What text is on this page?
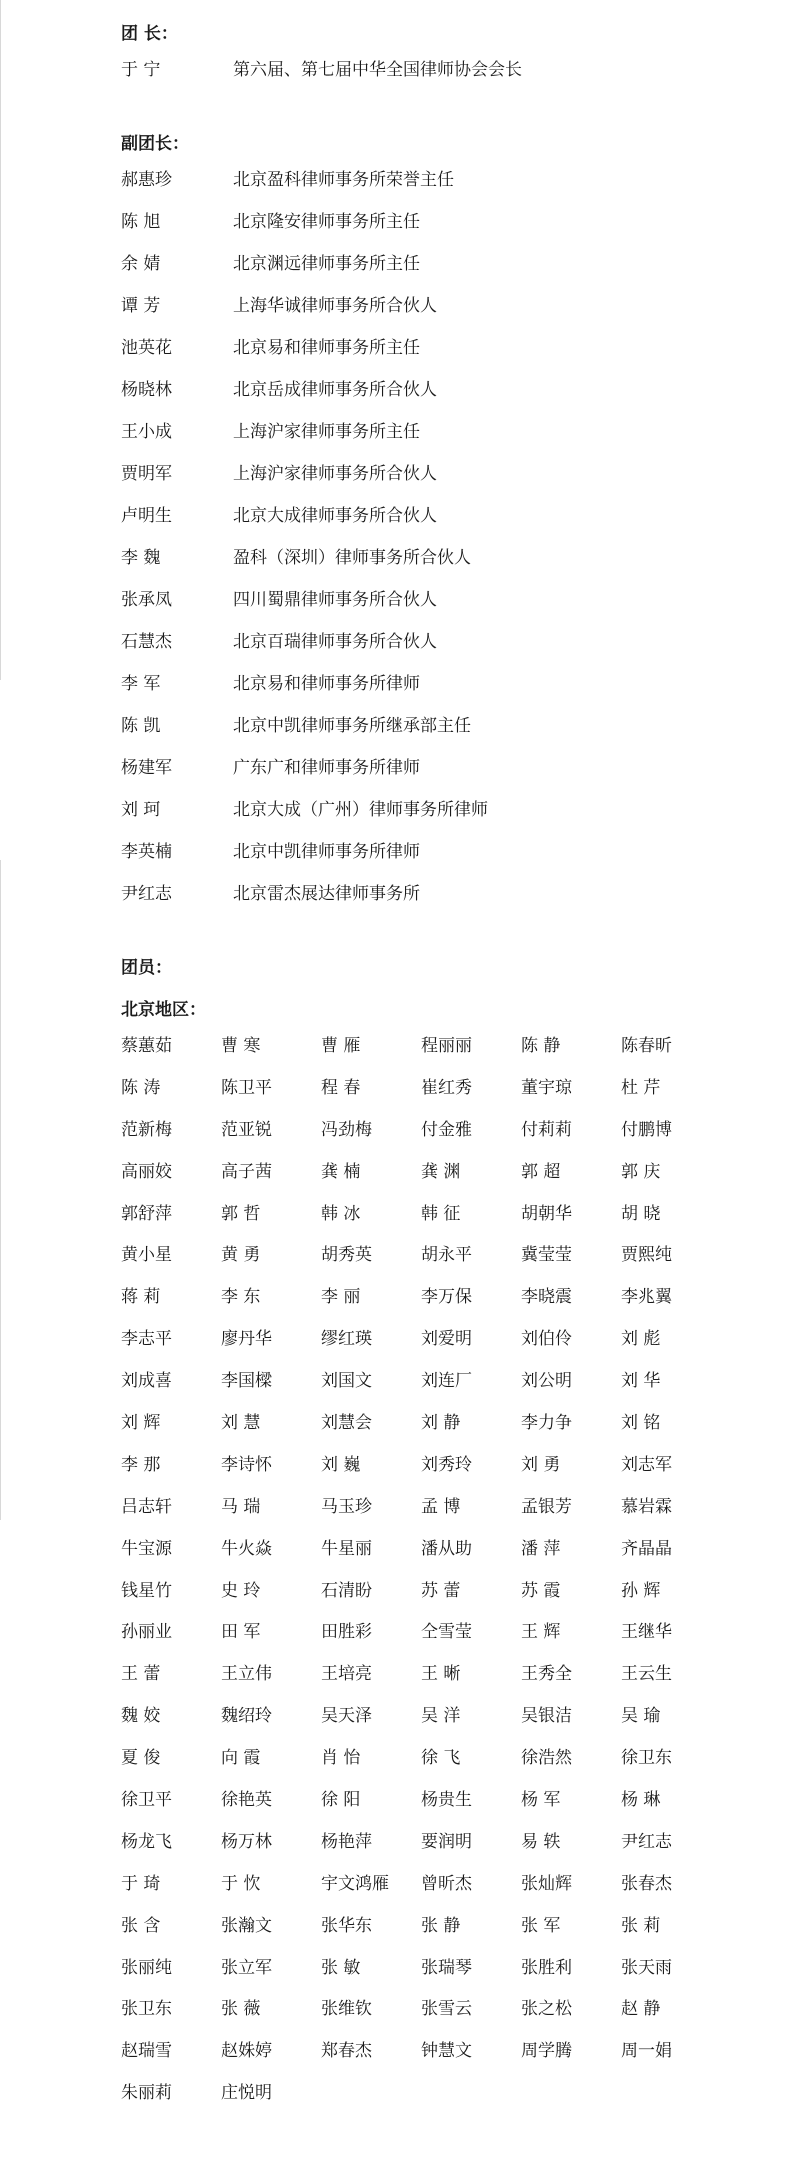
团 长：
于 宁	第六届、第七届中华全国律师协会会长
副团长：
郝惠珍	北京盈科律师事务所荣誉主任
陈 旭	北京隆安律师事务所主任
余 婧	北京渊远律师事务所主任
谭 芳	上海华诚律师事务所合伙人
池英花	北京易和律师事务所主任
杨晓林	北京岳成律师事务所合伙人
王小成	上海沪家律师事务所主任
贾明军	上海沪家律师事务所合伙人
卢明生	北京大成律师事务所合伙人
李 魏	盈科（深圳）律师事务所合伙人
张承凤	四川蜀鼎律师事务所合伙人
石慧杰	北京百瑞律师事务所合伙人
李 军	北京易和律师事务所律师
陈 凯	北京中凯律师事务所继承部主任
杨建军	广东广和律师事务所律师
刘 珂	北京大成（广州）律师事务所律师
李英楠	北京中凯律师事务所律师
尹红志	北京雷杰展达律师事务所
团员：
北京地区：
蔡蕙茹	曹 寒	曹 雁	程丽丽	陈 静	陈春昕
陈 涛	陈卫平	程 春	崔红秀	董宇琼	杜 芹
范新梅	范亚锐	冯劲梅	付金雅	付莉莉	付鹏博
高丽姣	高子茜	龚 楠	龚 渊	郭 超	郭 庆
郭舒萍	郭 哲	韩 冰	韩 征	胡朝华	胡 晓
黄小星	黄 勇	胡秀英	胡永平	冀莹莹	贾熙纯
蒋 莉	李 东	李 丽	李万保	李晓震	李兆翼
李志平	廖丹华	缪红瑛	刘爱明	刘伯伶	刘 彪
刘成喜	李国樑	刘国文	刘连厂	刘公明	刘 华
刘 辉	刘 慧	刘慧会	刘 静	李力争	刘 铭
李 那	李诗怀	刘 巍	刘秀玲	刘 勇	刘志军
吕志轩	马 瑞	马玉珍	孟 博	孟银芳	慕岩霖
牛宝源	牛火焱	牛星丽	潘从助	潘 萍	齐晶晶
钱星竹	史 玲	石清盼	苏 蕾	苏 霞	孙 辉
孙丽业	田 军	田胜彩	仝雪莹	王 辉	王继华
王 蕾	王立伟	王培亮	王 晰	王秀全	王云生
魏 姣	魏绍玲	吴天泽	吴 洋	吴银洁	吴 瑜
夏 俊	向 霞	肖 怡	徐 飞	徐浩然	徐卫东
徐卫平	徐艳英	徐 阳	杨贵生	杨 军	杨 琳
杨龙飞	杨万林	杨艳萍	要润明	易 轶	尹红志
于 琦	于 忺	宇文鸿雁	曾昕杰	张灿辉	张春杰
张 含	张瀚文	张华东	张 静	张 军	张 莉
张丽纯	张立军	张 敏	张瑞琴	张胜利	张天雨
张卫东	张 薇	张维钦	张雪云	张之松	赵 静
赵瑞雪	赵姝婷	郑春杰	钟慧文	周学腾	周一娟
朱丽莉	庄悦明
